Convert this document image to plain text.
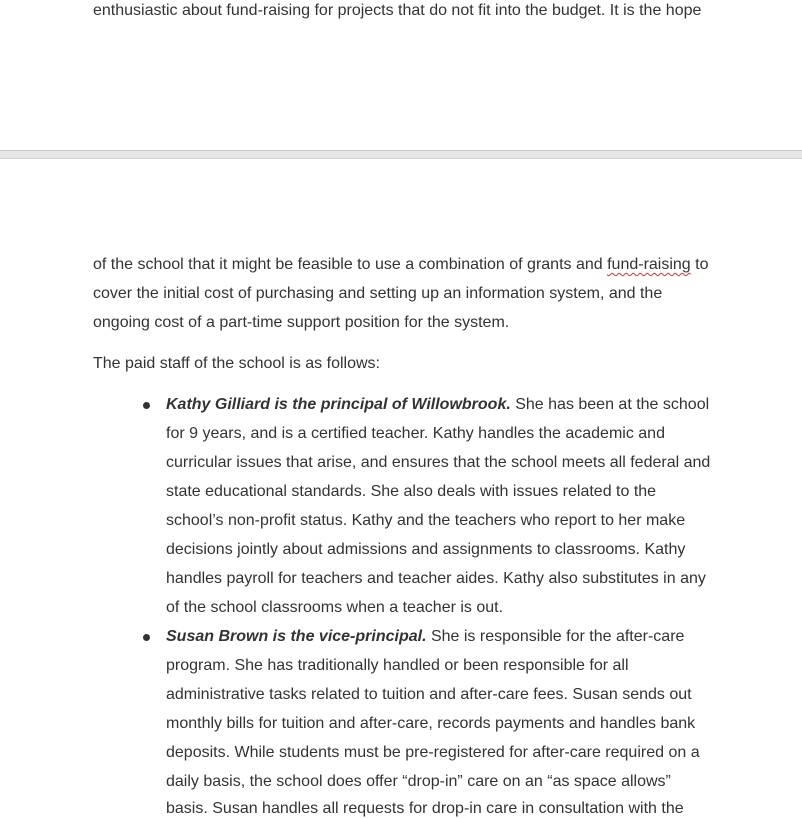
enthusiastic about fund-raising for projects that do not fit into the budget. It is the hope
of the school that it might be feasible to use a combination of grants and fund-raising to
cover the initial cost of purchasing and setting up an information system, and the
ongoing cost of a part-time support position for the system.
The paid staff of the school is as follows:
Kathy Gilliard is the principal of Willowbrook. She has been at the school
for 9 years, and is a certified teacher. Kathy handles the academic and
curricular issues that arise, and ensures that the school meets all federal and
state educational standards. She also deals with issues related to the
school’s non-profit status. Kathy and the teachers who report to her make
decisions jointly about admissions and assignments to classrooms. Kathy
handles payroll for teachers and teacher aides. Kathy also substitutes in any
of the school classrooms when a teacher is out.
Susan Brown is the vice-principal. She is responsible for the after-care
program. She has traditionally handled or been responsible for all
administrative tasks related to tuition and after-care fees. Susan sends out
monthly bills for tuition and after-care, records payments and handles bank
deposits. While students must be pre-registered for after-care required on a
daily basis, the school does offer “drop-in” care on an “as space allows”
basis. Susan handles all requests for drop-in care in consultation with the
